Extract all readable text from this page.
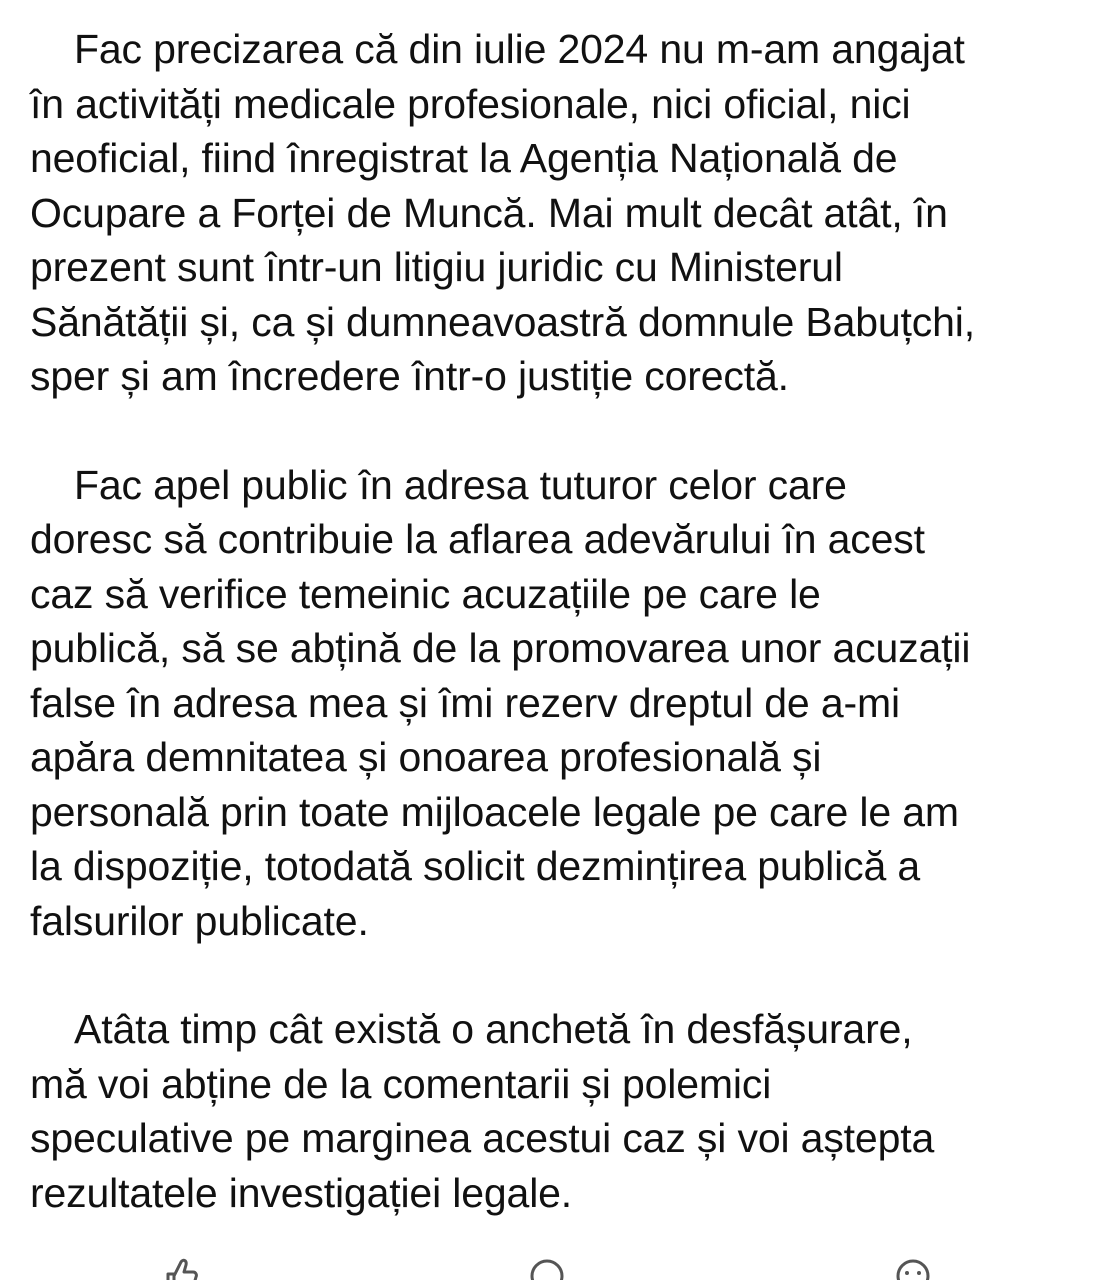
Fac precizarea că din iulie 2024 nu m-am angajat
în activități medicale profesionale, nici oficial, nici
neoficial, fiind înregistrat la Agenția Națională de
Ocupare a Forței de Muncă. Mai mult decât atât, în
prezent sunt într-un litigiu juridic cu Ministerul
Sănătății și, ca și dumneavoastră domnule Babuțchi,
sper și am încredere într-o justiție corectă.

Fac apel public în adresa tuturor celor care
doresc să contribuie la aflarea adevărului în acest
caz să verifice temeinic acuzațiile pe care le
publică, să se abțină de la promovarea unor acuzații
false în adresa mea și îmi rezerv dreptul de a-mi
apăra demnitatea și onoarea profesională și
personală prin toate mijloacele legale pe care le am
la dispoziție, totodată solicit dezmințirea publică a
falsurilor publicate.

Atâta timp cât există o anchetă în desfășurare,
mă voi abține de la comentarii și polemici
speculative pe marginea acestui caz și voi aștepta
rezultatele investigației legale.
